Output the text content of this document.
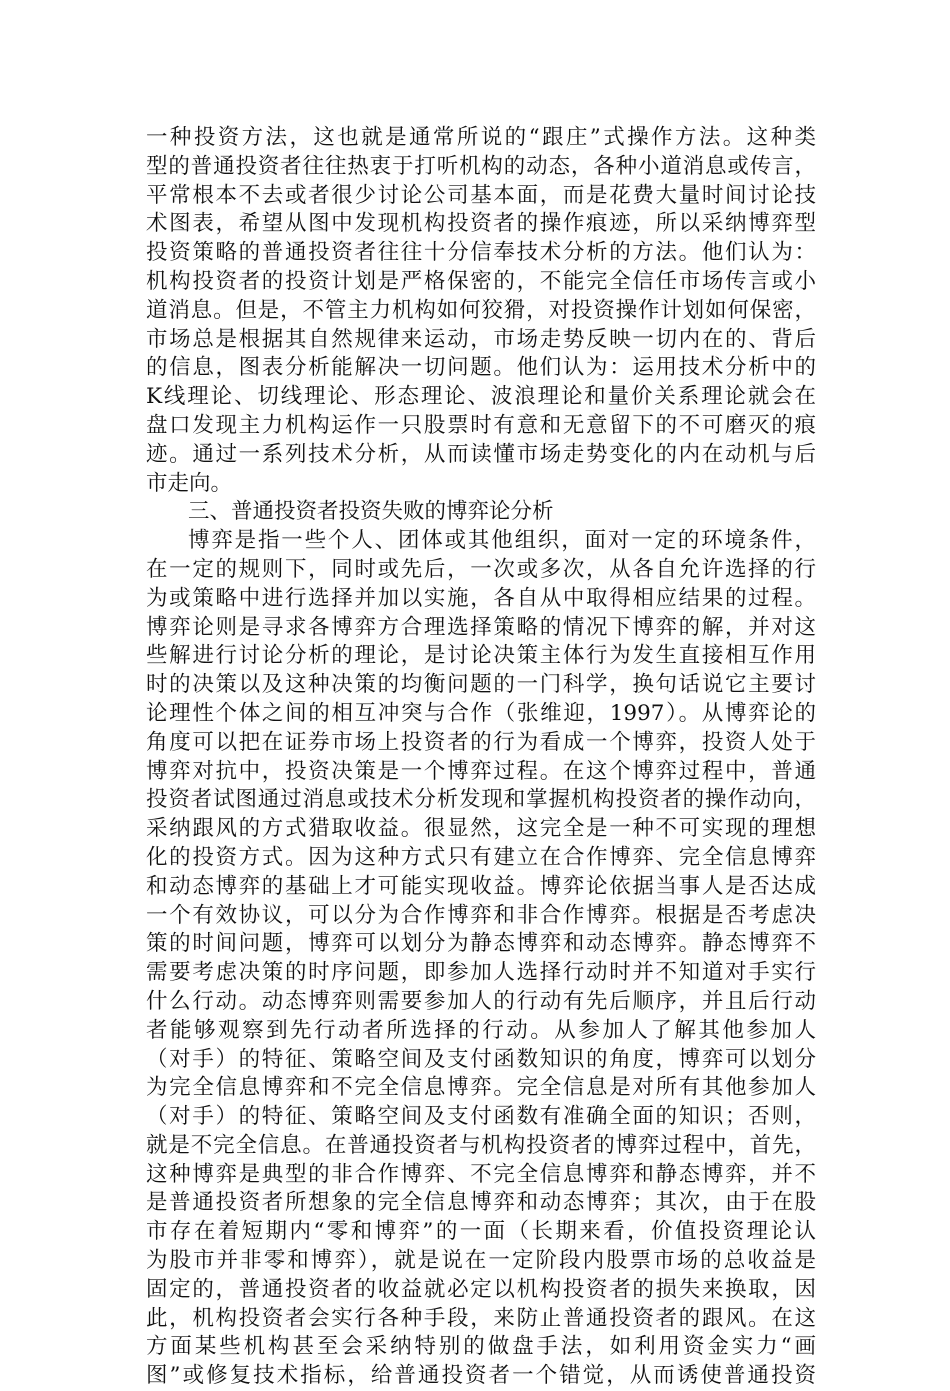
一种投资方法，这也就是通常所说的“跟庄”式操作方法。这种类
型的普通投资者往往热衷于打听机构的动态，各种小道消息或传言，
平常根本不去或者很少讨论公司基本面，而是花费大量时间讨论技
术图表，希望从图中发现机构投资者的操作痕迹，所以采纳博弈型
投资策略的普通投资者往往十分信奉技术分析的方法。他们认为：
机构投资者的投资计划是严格保密的，不能完全信任市场传言或小
道消息。但是，不管主力机构如何狡猾，对投资操作计划如何保密，
市场总是根据其自然规律来运动，市场走势反映一切内在的、背后
的信息，图表分析能解决一切问题。他们认为：运用技术分析中的
K线理论、切线理论、形态理论、波浪理论和量价关系理论就会在
盘口发现主力机构运作一只股票时有意和无意留下的不可磨灭的痕
迹。通过一系列技术分析，从而读懂市场走势变化的内在动机与后
市走向。
三、普通投资者投资失败的博弈论分析
博弈是指一些个人、团体或其他组织，面对一定的环境条件，
在一定的规则下，同时或先后，一次或多次，从各自允许选择的行
为或策略中进行选择并加以实施，各自从中取得相应结果的过程。
博弈论则是寻求各博弈方合理选择策略的情况下博弈的解，并对这
些解进行讨论分析的理论，是讨论决策主体行为发生直接相互作用
时的决策以及这种决策的均衡问题的一门科学，换句话说它主要讨
论理性个体之间的相互冲突与合作（张维迎，1997）。从博弈论的
角度可以把在证券市场上投资者的行为看成一个博弈，投资人处于
博弈对抗中，投资决策是一个博弈过程。在这个博弈过程中，普通
投资者试图通过消息或技术分析发现和掌握机构投资者的操作动向，
采纳跟风的方式猎取收益。很显然，这完全是一种不可实现的理想
化的投资方式。因为这种方式只有建立在合作博弈、完全信息博弈
和动态博弈的基础上才可能实现收益。博弈论依据当事人是否达成
一个有效协议，可以分为合作博弈和非合作博弈。根据是否考虑决
策的时间问题，博弈可以划分为静态博弈和动态博弈。静态博弈不
需要考虑决策的时序问题，即参加人选择行动时并不知道对手实行
什么行动。动态博弈则需要参加人的行动有先后顺序，并且后行动
者能够观察到先行动者所选择的行动。从参加人了解其他参加人
（对手）的特征、策略空间及支付函数知识的角度，博弈可以划分
为完全信息博弈和不完全信息博弈。完全信息是对所有其他参加人
（对手）的特征、策略空间及支付函数有准确全面的知识；否则，
就是不完全信息。在普通投资者与机构投资者的博弈过程中，首先，
这种博弈是典型的非合作博弈、不完全信息博弈和静态博弈，并不
是普通投资者所想象的完全信息博弈和动态博弈；其次，由于在股
市存在着短期内“零和博弈”的一面（长期来看，价值投资理论认
为股市并非零和博弈），就是说在一定阶段内股票市场的总收益是
固定的，普通投资者的收益就必定以机构投资者的损失来换取，因
此，机构投资者会实行各种手段，来防止普通投资者的跟风。在这
方面某些机构甚至会采纳特别的做盘手法，如利用资金实力“画
图”或修复技术指标，给普通投资者一个错觉，从而诱使普通投资
